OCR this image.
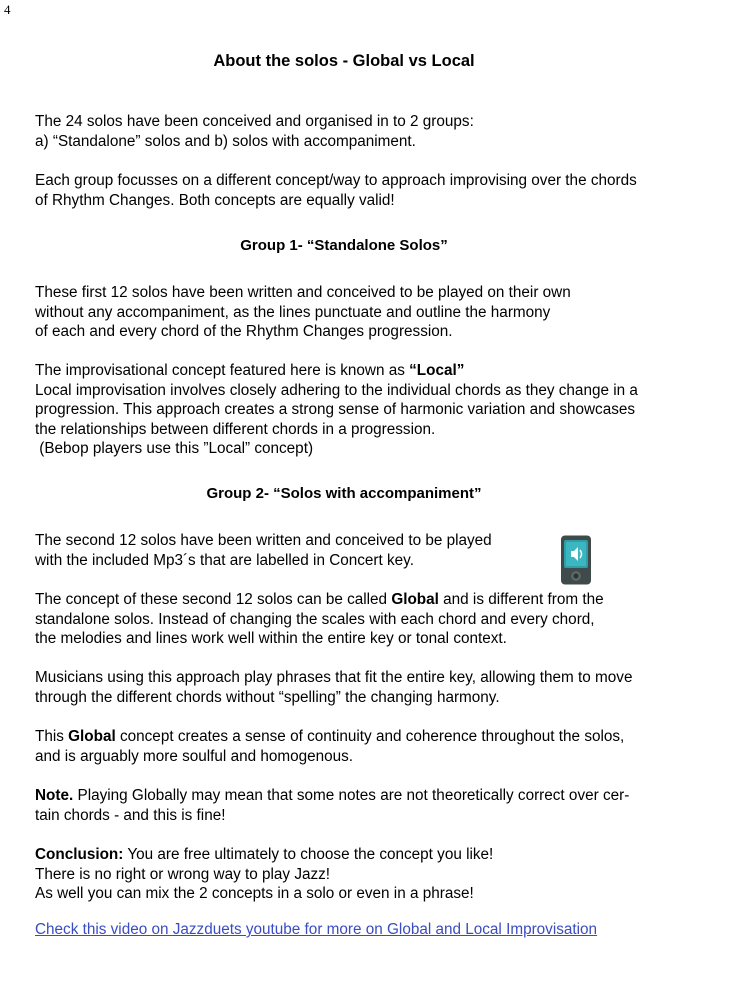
4
About the solos - Global vs Local
The 24 solos have been conceived and organised in to 2 groups:
a) “Standalone” solos and b) solos with accompaniment.
Each group focusses on a different concept/way to approach improvising over the chords
of Rhythm Changes. Both concepts are equally valid!
Group 1- “Standalone Solos”
These first 12 solos have been written and conceived to be played on their own
without any accompaniment, as the lines punctuate and outline the harmony
of each and every chord of the Rhythm Changes progression.
The improvisational concept featured here is known as “Local”
Local improvisation involves closely adhering to the individual chords as they change in a
progression. This approach creates a strong sense of harmonic variation and showcases
the relationships between different chords in a progression.
(Bebop players use this ”Local” concept)
Group 2- “Solos with accompaniment”
The second 12 solos have been written and conceived to be played
with the included Mp3´s that are labelled in Concert key.
The concept of these second 12 solos can be called Global and is different from the
standalone solos. Instead of changing the scales with each chord and every chord,
the melodies and lines work well within the entire key or tonal context.
Musicians using this approach play phrases that fit the entire key, allowing them to move
through the different chords without “spelling” the changing harmony.
This Global concept creates a sense of continuity and coherence throughout the solos,
and is arguably more soulful and homogenous.
Note. Playing Globally may mean that some notes are not theoretically correct over cer-
tain chords - and this is fine!
Conclusion: You are free ultimately to choose the concept you like!
There is no right or wrong way to play Jazz!
As well you can mix the 2 concepts in a solo or even in a phrase!
Check this video on Jazzduets youtube for more on Global and Local Improvisation
